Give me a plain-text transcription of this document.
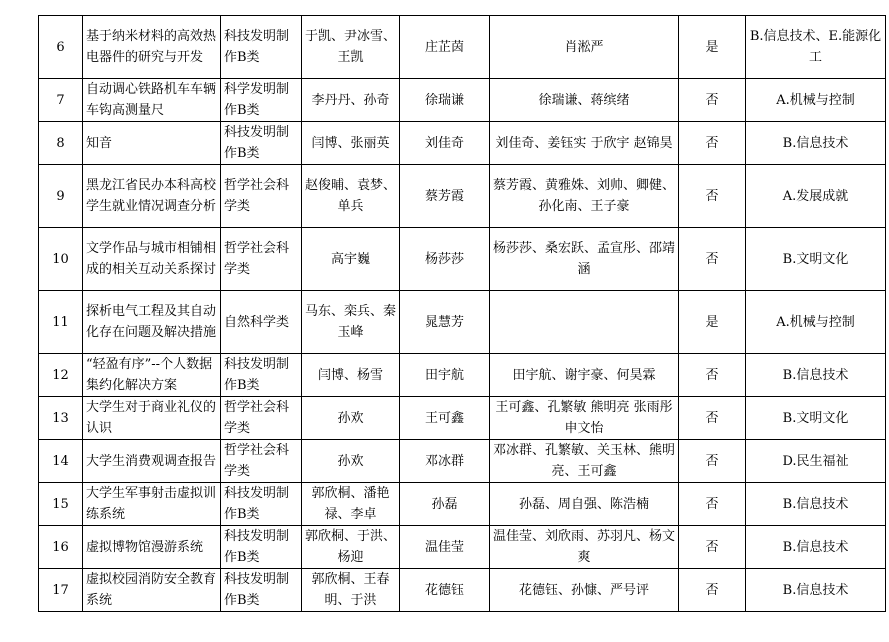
6	基于纳米材料的高效热电器件的研究与开发	科技发明制作B类	于凯、尹冰雪、王凯	庄芷茵	肖淞严	是	B.信息技术、E.能源化工
7	自动调心铁路机车车辆车钩高测量尺	科学发明制作B类	李丹丹、孙奇	徐瑞谦	徐瑞谦、蒋缤绪	否	A.机械与控制
8	知音	科技发明制作B类	闫博、张丽英	刘佳奇	刘佳奇、姜钰实 于欣宇 赵锦昊	否	B.信息技术
9	黑龙江省民办本科高校学生就业情况调查分析	哲学社会科学类	赵俊晡、袁梦、单兵	蔡芳霞	蔡芳霞、黄雅姝、刘帅、卿健、孙化南、王子豪	否	A.发展成就
10	文学作品与城市相铺相成的相关互动关系探讨	哲学社会科学类	高宇巍	杨莎莎	杨莎莎、桑宏跃、孟宣彤、邵靖涵	否	B.文明文化
11	探析电气工程及其自动化存在问题及解决措施	自然科学类	马东、栾兵、秦玉峰	晁慧芳		是	A.机械与控制
12	“轻盈有序”--个人数据集约化解决方案	科技发明制作B类	闫博、杨雪	田宇航	田宇航、谢宇豪、何昊霖	否	B.信息技术
13	大学生对于商业礼仪的认识	哲学社会科学类	孙欢	王可鑫	王可鑫、孔繁敏 熊明亮 张雨彤 申文怡	否	B.文明文化
14	大学生消费观调查报告	哲学社会科学类	孙欢	邓冰群	邓冰群、孔繁敏、关玉林、熊明亮、王可鑫	否	D.民生福祉
15	大学生军事射击虚拟训练系统	科技发明制作B类	郭欣桐、潘艳禄、李卓	孙磊	孙磊、周自强、陈浩楠	否	B.信息技术
16	虚拟博物馆漫游系统	科技发明制作B类	郭欣桐、于洪、杨迎	温佳莹	温佳莹、刘欣雨、苏羽凡、杨文爽	否	B.信息技术
17	虚拟校园消防安全教育系统	科技发明制作B类	郭欣桐、王春明、于洪	花德钰	花德钰、孙慷、严号评	否	B.信息技术
